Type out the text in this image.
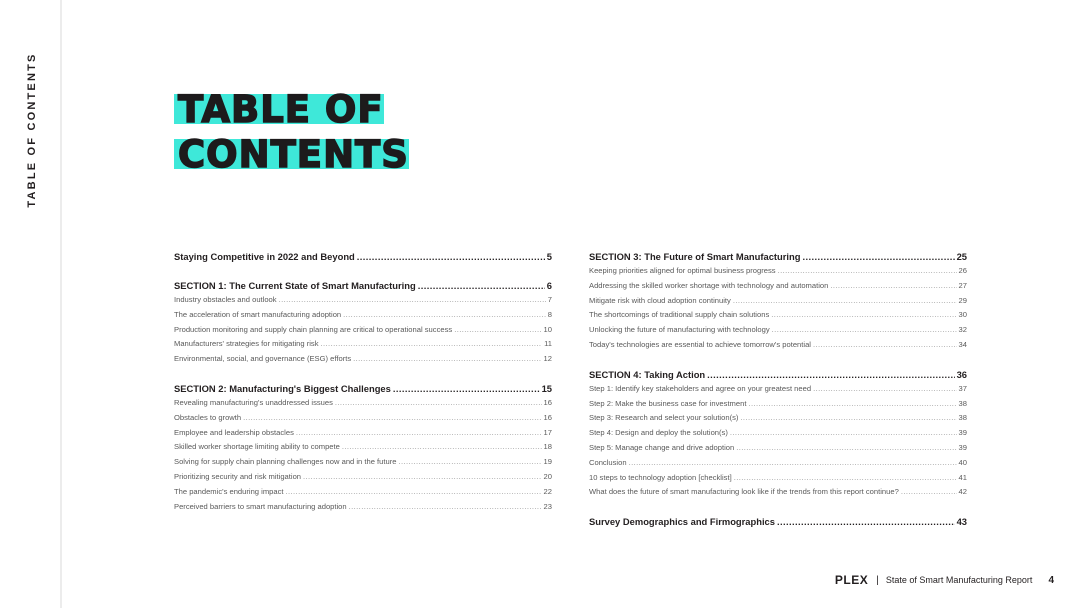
TABLE OF CONTENTS	TABLE OF
CONTENTS
Staying Competitive in 2022 and Beyond .....	5
SECTION 1: The Current State of Smart Manufacturing .....	6
Industry obstacles and outlook .....	7
The acceleration of smart manufacturing adoption .....	8
Production monitoring and supply chain planning are critical to operational success .....	10
Manufacturers' strategies for mitigating risk .....	11
Environmental, social, and governance (ESG) efforts .....	12
SECTION 2: Manufacturing's Biggest Challenges .....	15
Revealing manufacturing's unaddressed issues .....	16
Obstacles to growth .....	16
Employee and leadership obstacles .....	17
Skilled worker shortage limiting ability to compete .....	18
Solving for supply chain planning challenges now and in the future .....	19
Prioritizing security and risk mitigation .....	20
The pandemic's enduring impact .....	22
Perceived barriers to smart manufacturing adoption .....	23
SECTION 3: The Future of Smart Manufacturing .....	25
Keeping priorities aligned for optimal business progress .....	26
Addressing the skilled worker shortage with technology and automation .....	27
Mitigate risk with cloud adoption continuity .....	29
The shortcomings of traditional supply chain solutions .....	30
Unlocking the future of manufacturing with technology .....	32
Today's technologies are essential to achieve tomorrow's potential .....	34
SECTION 4: Taking Action .....	36
Step 1: Identify key stakeholders and agree on your greatest need .....	37
Step 2: Make the business case for investment .....	38
Step 3: Research and select your solution(s) .....	38
Step 4: Design and deploy the solution(s) .....	39
Step 5: Manage change and drive adoption .....	39
Conclusion .....	40
10 steps to technology adoption [checklist] .....	41
What does the future of smart manufacturing look like if the trends from this report continue? .....	42
Survey Demographics and Firmographics .....	43
PL EX | State of Smart Manufacturing Report 4
